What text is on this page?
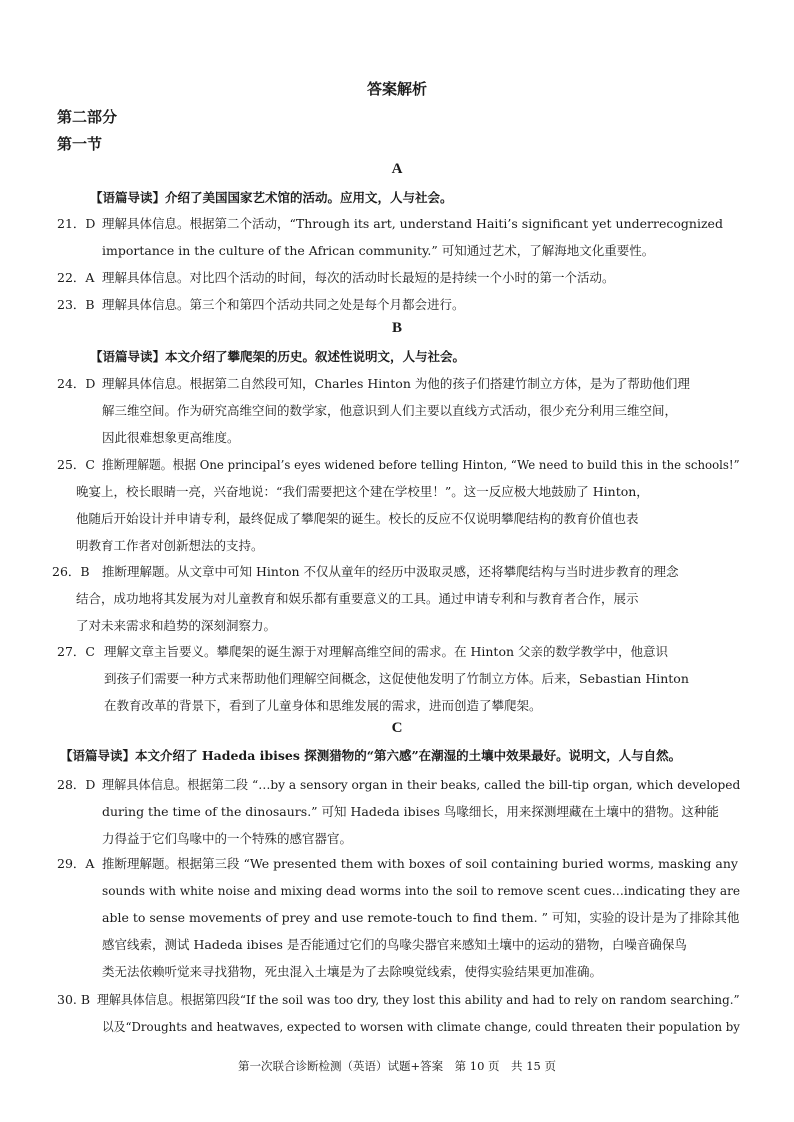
答案解析
第二部分
第一节
A
【语篇导读】介绍了美国国家艺术馆的活动。应用文，人与社会。
21．D 理解具体信息。根据第二个活动，“Through its art, understand Haiti’s significant yet underrecognized
importance in the culture of the African community.” 可知通过艺术，了解海地文化重要性。
22．A 理解具体信息。对比四个活动的时间，每次的活动时长最短的是持续一个小时的第一个活动。
23．B 理解具体信息。第三个和第四个活动共同之处是每个月都会进行。
B
【语篇导读】本文介绍了攀爬架的历史。叙述性说明文，人与社会。
24．D 理解具体信息。根据第二自然段可知，Charles Hinton 为他的孩子们搭建竹制立方体，是为了帮助他们理
解三维空间。作为研究高维空间的数学家，他意识到人们主要以直线方式活动，很少充分利用三维空间，
因此很难想象更高维度。
25．C 推断理解题。根据 One principal’s eyes widened before telling Hinton, “We need to build this in the schools!”
晚宴上，校长眼睛一亮，兴奋地说：“我们需要把这个建在学校里！”。这一反应极大地鼓励了 Hinton，
他随后开始设计并申请专利，最终促成了攀爬架的诞生。校长的反应不仅说明攀爬结构的教育价值也表
明教育工作者对创新想法的支持。
26．B 推断理解题。从文章中可知 Hinton 不仅从童年的经历中汲取灵感，还将攀爬结构与当时进步教育的理念
结合，成功地将其发展为对儿童教育和娱乐都有重要意义的工具。通过申请专利和与教育者合作，展示
了对未来需求和趋势的深刻洞察力。
27．C 理解文章主旨要义。攀爬架的诞生源于对理解高维空间的需求。在 Hinton 父亲的数学教学中，他意识
到孩子们需要一种方式来帮助他们理解空间概念，这促使他发明了竹制立方体。后来，Sebastian Hinton
在教育改革的背景下，看到了儿童身体和思维发展的需求，进而创造了攀爬架。
C
【语篇导读】本文介绍了 Hadeda ibises 探测猎物的“第六感”在潮湿的土壤中效果最好。说明文，人与自然。
28．D 理解具体信息。根据第二段 “…by a sensory organ in their beaks, called the bill-tip organ, which developed
during the time of the dinosaurs.” 可知 Hadeda ibises 鸟喙细长，用来探测埋藏在土壤中的猎物。这种能
力得益于它们鸟喙中的一个特殊的感官器官。
29．A 推断理解题。根据第三段 “We presented them with boxes of soil containing buried worms, masking any
sounds with white noise and mixing dead worms into the soil to remove scent cues…indicating they are
able to sense movements of prey and use remote-touch to find them. ” 可知，实验的设计是为了排除其他
感官线索，测试 Hadeda ibises 是否能通过它们的鸟喙尖器官来感知土壤中的运动的猎物，白噪音确保鸟
类无法依赖听觉来寻找猎物，死虫混入土壤是为了去除嗅觉线索，使得实验结果更加准确。
30. B 理解具体信息。根据第四段“If the soil was too dry, they lost this ability and had to rely on random searching.”
以及“Droughts and heatwaves, expected to worsen with climate change, could threaten their population by
第一次联合诊断检测（英语）试题+答案　第 10 页　共 15 页
